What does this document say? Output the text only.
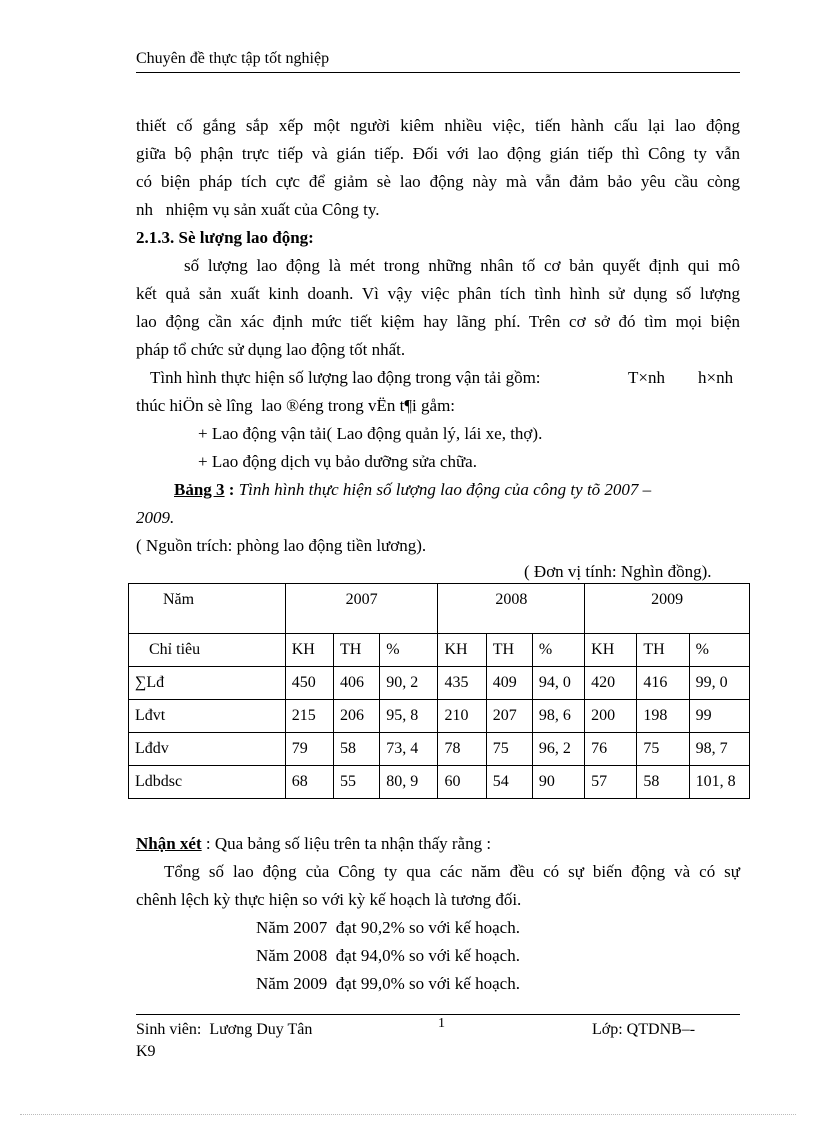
Chuyên đề thực tập tốt nghiệp
thiết cố gắng sắp xếp một người kiêm nhiều việc, tiến hành cấu lại lao động
giữa bộ phận trực tiếp và gián tiếp. Đối với lao động gián tiếp thì Công ty vẫn
có biện pháp tích cực để giảm sè lao động này mà vẫn đảm bảo yêu cầu còng
nh   nhiệm vụ sản xuất của Công ty.
2.1.3. Sè lượng lao động:
số lượng lao động là mét trong những nhân tố cơ bản quyết định qui mô
kết quả sản xuất kinh doanh. Vì vậy việc phân tích tình hình sử dụng số lượng
lao động cần xác định mức tiết kiệm hay lãng phí. Trên cơ sở đó tìm mọi biện
pháp tổ chức sử dụng lao động tốt nhất.
Tình hình thực hiện số lượng lao động trong vận tải gồm:	T×nh h×nh
thúc hiÖn sè lîng  lao ®éng trong vËn t¶i gåm:
+ Lao động vận tải( Lao động quản lý, lái xe, thợ).
+ Lao động dịch vụ bảo dưỡng sửa chữa.
Bảng 3 : Tình hình thực hiện số lượng lao động của công ty tõ 2007 –
2009.
( Nguồn trích: phòng lao động tiền lương).
( Đơn vị tính: Nghìn đồng).
Năm	2007			2008			2009		
Chỉ tiêu	KH	TH	%	KH	TH	%	KH	TH	%
∑Lđ	450	406	90, 2	435	409	94, 0	420	416	99, 0
Lđvt	215	206	95, 8	210	207	98, 6	200	198	99
Lđdv	79	58	73, 4	78	75	96, 2	76	75	98, 7
Ldbdsc	68	55	80, 9	60	54	90	57	58	101, 8
Nhận xét : Qua bảng số liệu trên ta nhận thấy rằng :
Tổng số lao động của Công ty qua các năm đều có sự biến động và có sự
chênh lệch kỳ thực hiện so với kỳ kế hoạch là tương đối.
Năm 2007  đạt 90,2% so với kế hoạch.
Năm 2008  đạt 94,0% so với kế hoạch.
Năm 2009  đạt 99,0% so với kế hoạch.
Sinh viên:  Lương Duy Tân
K9
1	Lớp: QTDNB–-
